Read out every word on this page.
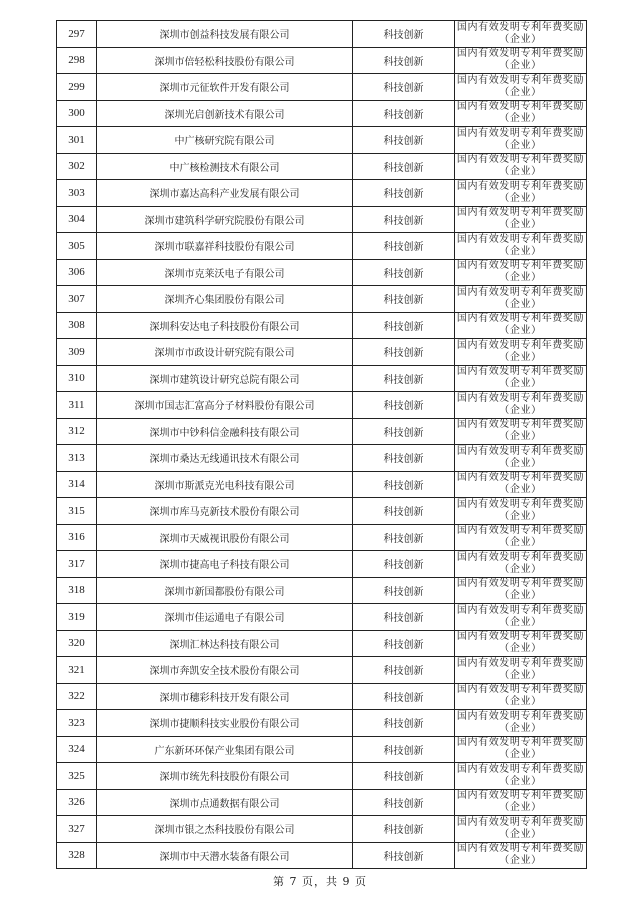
297	深圳市创益科技发展有限公司	科技创新	国内有效发明专利年费奖励（企业）
298	深圳市倍轻松科技股份有限公司	科技创新	国内有效发明专利年费奖励（企业）
299	深圳市元征软件开发有限公司	科技创新	国内有效发明专利年费奖励（企业）
300	深圳光启创新技术有限公司	科技创新	国内有效发明专利年费奖励（企业）
301	中广核研究院有限公司	科技创新	国内有效发明专利年费奖励（企业）
302	中广核检测技术有限公司	科技创新	国内有效发明专利年费奖励（企业）
303	深圳市嘉达高科产业发展有限公司	科技创新	国内有效发明专利年费奖励（企业）
304	深圳市建筑科学研究院股份有限公司	科技创新	国内有效发明专利年费奖励（企业）
305	深圳市联嘉祥科技股份有限公司	科技创新	国内有效发明专利年费奖励（企业）
306	深圳市克莱沃电子有限公司	科技创新	国内有效发明专利年费奖励（企业）
307	深圳齐心集团股份有限公司	科技创新	国内有效发明专利年费奖励（企业）
308	深圳科安达电子科技股份有限公司	科技创新	国内有效发明专利年费奖励（企业）
309	深圳市市政设计研究院有限公司	科技创新	国内有效发明专利年费奖励（企业）
310	深圳市建筑设计研究总院有限公司	科技创新	国内有效发明专利年费奖励（企业）
311	深圳市国志汇富高分子材料股份有限公司	科技创新	国内有效发明专利年费奖励（企业）
312	深圳市中钞科信金融科技有限公司	科技创新	国内有效发明专利年费奖励（企业）
313	深圳市桑达无线通讯技术有限公司	科技创新	国内有效发明专利年费奖励（企业）
314	深圳市斯派克光电科技有限公司	科技创新	国内有效发明专利年费奖励（企业）
315	深圳市库马克新技术股份有限公司	科技创新	国内有效发明专利年费奖励（企业）
316	深圳市天威视讯股份有限公司	科技创新	国内有效发明专利年费奖励（企业）
317	深圳市捷高电子科技有限公司	科技创新	国内有效发明专利年费奖励（企业）
318	深圳市新国都股份有限公司	科技创新	国内有效发明专利年费奖励（企业）
319	深圳市佳运通电子有限公司	科技创新	国内有效发明专利年费奖励（企业）
320	深圳汇林达科技有限公司	科技创新	国内有效发明专利年费奖励（企业）
321	深圳市奔凯安全技术股份有限公司	科技创新	国内有效发明专利年费奖励（企业）
322	深圳市穗彩科技开发有限公司	科技创新	国内有效发明专利年费奖励（企业）
323	深圳市捷顺科技实业股份有限公司	科技创新	国内有效发明专利年费奖励（企业）
324	广东新环环保产业集团有限公司	科技创新	国内有效发明专利年费奖励（企业）
325	深圳市统先科技股份有限公司	科技创新	国内有效发明专利年费奖励（企业）
326	深圳市点通数据有限公司	科技创新	国内有效发明专利年费奖励（企业）
327	深圳市银之杰科技股份有限公司	科技创新	国内有效发明专利年费奖励（企业）
328	深圳市中天潜水装备有限公司	科技创新	国内有效发明专利年费奖励（企业）
第 7 页，共 9 页
